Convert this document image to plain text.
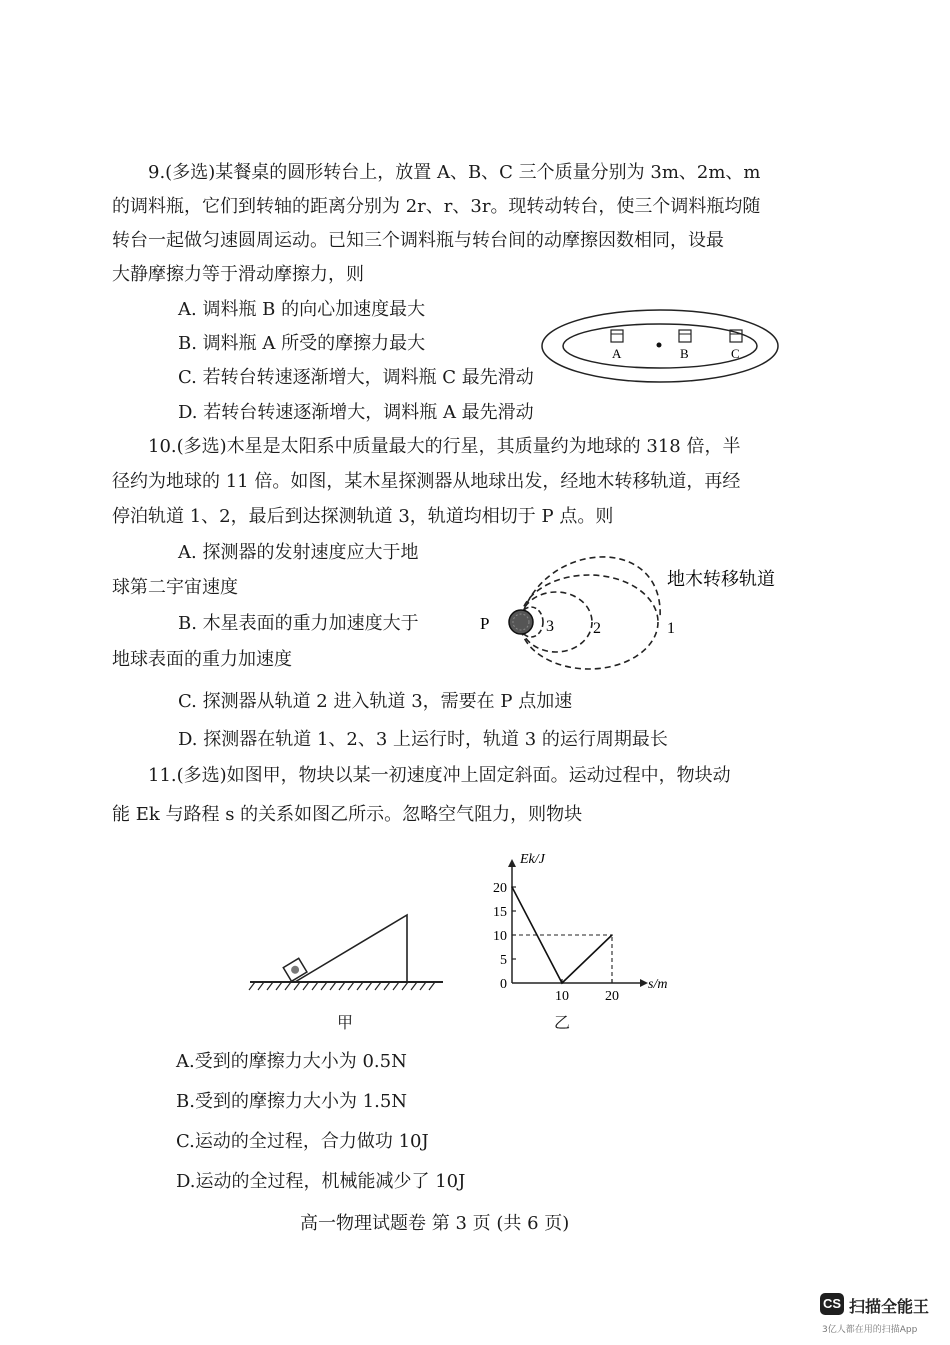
9.(多选)某餐桌的圆形转台上，放置 A、B、C 三个质量分别为 3m、2m、m
的调料瓶，它们到转轴的距离分别为 2r、r、3r。现转动转台，使三个调料瓶均随
转台一起做匀速圆周运动。已知三个调料瓶与转台间的动摩擦因数相同，设最
大静摩擦力等于滑动摩擦力，则
A. 调料瓶 B 的向心加速度最大
B. 调料瓶 A 所受的摩擦力最大
C. 若转台转速逐渐增大，调料瓶 C 最先滑动
D. 若转台转速逐渐增大，调料瓶 A 最先滑动
A	B	C
10.(多选)木星是太阳系中质量最大的行星，其质量约为地球的 318 倍，半
径约为地球的 11 倍。如图，某木星探测器从地球出发，经地木转移轨道，再经
停泊轨道 1、2，最后到达探测轨道 3，轨道均相切于 P 点。则
A. 探测器的发射速度应大于地
球第二宇宙速度
B. 木星表面的重力加速度大于
地球表面的重力加速度
C. 探测器从轨道 2 进入轨道 3，需要在 P 点加速
D. 探测器在轨道 1、2、3 上运行时，轨道 3 的运行周期最长
P	3 2	1
地木转移轨道
11.(多选)如图甲，物块以某一初速度冲上固定斜面。运动过程中，物块动
能 Ek 与路程 s 的关系如图乙所示。忽略空气阻力，则物块
甲
Ek/J
s/m
0
5
10
15
20
10	20
乙
A.受到的摩擦力大小为 0.5N
B.受到的摩擦力大小为 1.5N
C.运动的全过程，合力做功 10J
D.运动的全过程，机械能减少了 10J
高一物理试题卷 第 3 页 (共 6 页)
CS 扫描全能王
3亿人都在用的扫描App
